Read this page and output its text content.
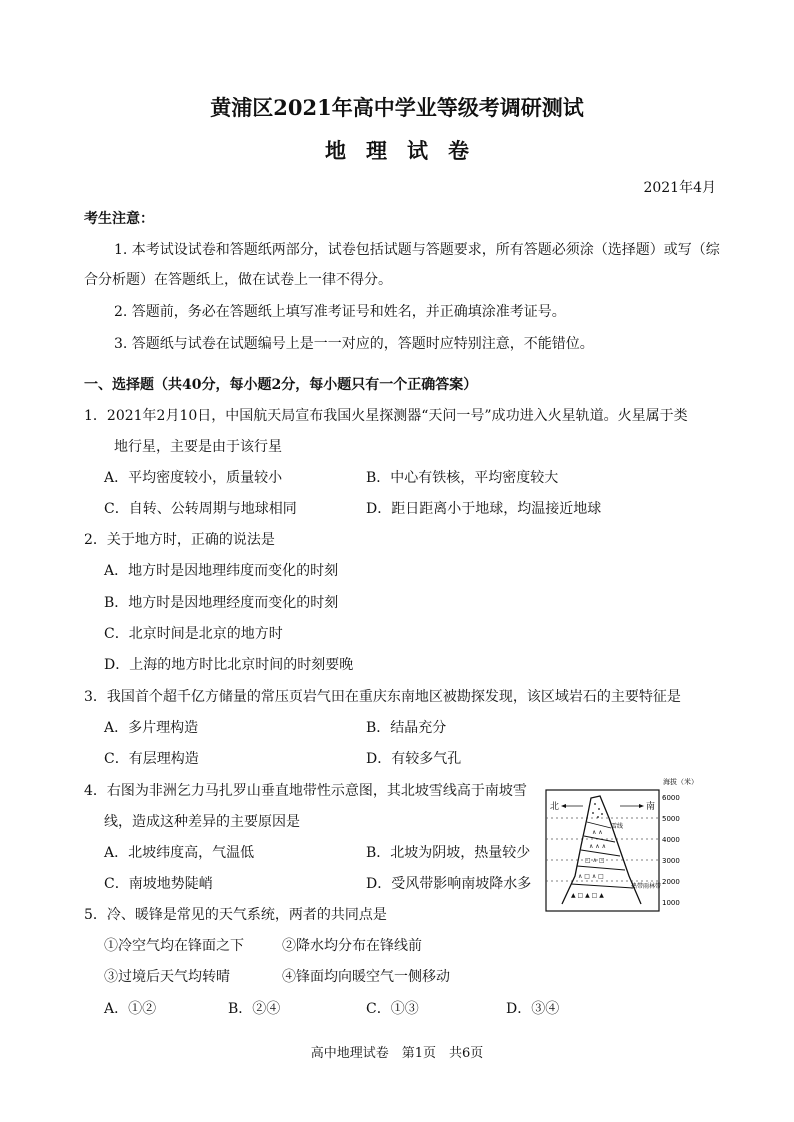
黄浦区2021年高中学业等级考调研测试
地理试卷
2021年4月
考生注意：
1. 本考试设试卷和答题纸两部分，试卷包括试题与答题要求，所有答题必须涂（选择题）或写（综
合分析题）在答题纸上，做在试卷上一律不得分。
2. 答题前，务必在答题纸上填写准考证号和姓名，并正确填涂准考证号。
3. 答题纸与试卷在试题编号上是一一对应的，答题时应特别注意，不能错位。
一、选择题（共40分，每小题2分，每小题只有一个正确答案）
1．2021年2月10日，中国航天局宣布我国火星探测器“天问一号”成功进入火星轨道。火星属于类
地行星，主要是由于该行星
A．平均密度较小，质量较小	B．中心有铁核，平均密度较大
C．自转、公转周期与地球相同	D．距日距离小于地球，均温接近地球
2．关于地方时，正确的说法是
A．地方时是因地理纬度而变化的时刻
B．地方时是因地理经度而变化的时刻
C．北京时间是北京的地方时
D．上海的地方时比北京时间的时刻要晚
3．我国首个超千亿方储量的常压页岩气田在重庆东南地区被勘探发现，该区域岩石的主要特征是
A．多片理构造	B．结晶充分
C．有层理构造	D．有较多气孔
4．右图为非洲乞力马扎罗山垂直地带性示意图，其北坡雪线高于南坡雪
线，造成这种差异的主要原因是
A．北坡纬度高，气温低	B．北坡为阴坡，热量较少
C．南坡地势陡峭	D．受风带影响南坡降水多
5．冷、暖锋是常见的天气系统，两者的共同点是
①冷空气均在锋面之下	②降水均分布在锋线前
③过境后天气均转晴	④锋面均向暖空气一侧移动
A．①②	B．②④	C．①③	D．③④
北	南
∧ ∧
∧ ∧ ∧
□ ∧ □
∧ □ ∧ □
▲ □ ▲ □ ▲
雪线
热带雨林带
海拔（米）
6000
5000
4000
3000
2000
1000
高中地理试卷　第1页　共6页
